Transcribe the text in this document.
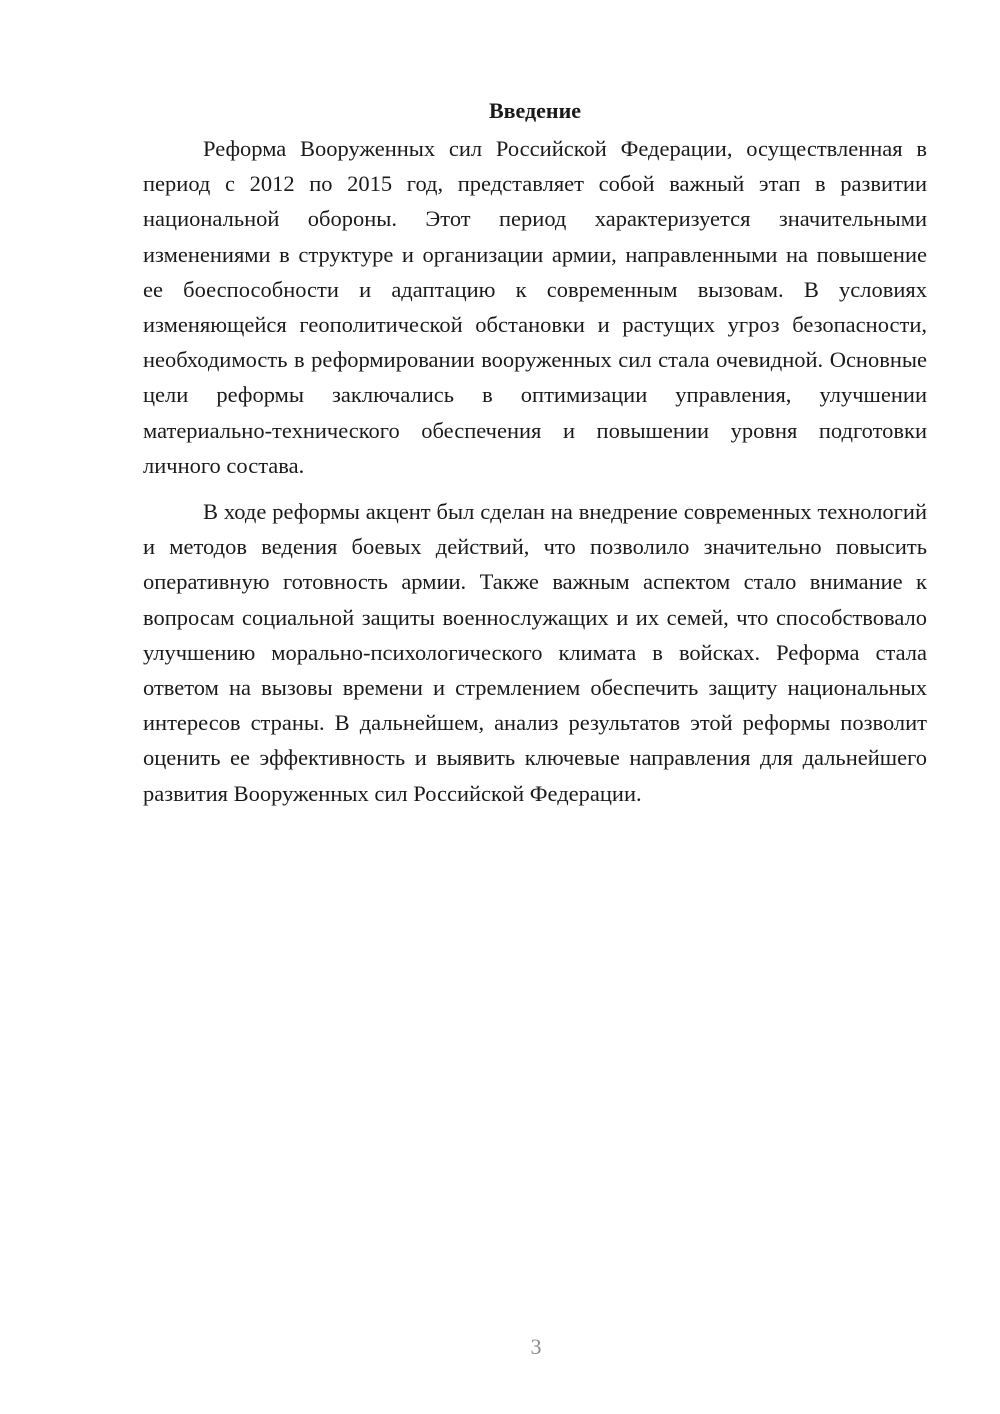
Введение

Реформа Вооруженных сил Российской Федерации, осуществленная в период с 2012 по 2015 год, представляет собой важный этап в развитии национальной обороны. Этот период характеризуется значительными изменениями в структуре и организации армии, направленными на повышение ее боеспособности и адаптацию к современным вызовам. В условиях изменяющейся геополитической обстановки и растущих угроз безопасности, необходимость в реформировании вооруженных сил стала очевидной. Основные цели реформы заключались в оптимизации управления, улучшении материально-технического обеспечения и повышении уровня подготовки личного состава.

В ходе реформы акцент был сделан на внедрение современных технологий и методов ведения боевых действий, что позволило значительно повысить оперативную готовность армии. Также важным аспектом стало внимание к вопросам социальной защиты военнослужащих и их семей, что способствовало улучшению морально-психологического климата в войсках. Реформа стала ответом на вызовы времени и стремлением обеспечить защиту национальных интересов страны. В дальнейшем, анализ результатов этой реформы позволит оценить ее эффективность и выявить ключевые направления для дальнейшего развития Вооруженных сил Российской Федерации.

3
